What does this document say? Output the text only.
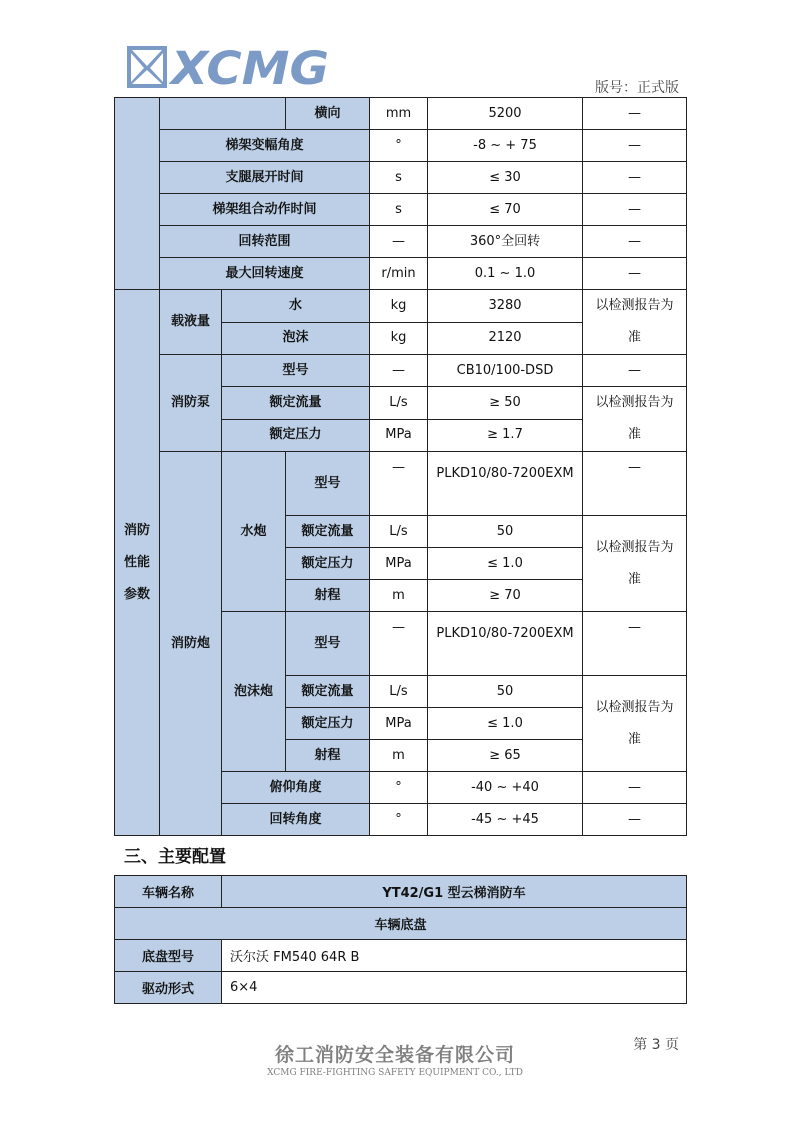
XCMG	版号：正式版
			横向	mm	5200	—
	梯架变幅角度			°	-8 ~ + 75	—
	支腿展开时间			s	≤ 30	—
	梯架组合动作时间			s	≤ 70	—
	回转范围			—	360°全回转	—
	最大回转速度			r/min	0.1 ~ 1.0	—

消防性能参数	载液量	水		kg	3280	以检测报告为准

		泡沫		kg	2120	
	消防泵	型号		—	CB10/100-DSD	—
		额定流量		L/s	≥ 50	以检测报告为准

		额定压力		MPa	≥ 1.7	
	消防炮	水炮	型号	—	PLKD10/80-7200EXM	—
			额定流量	L/s	50	以检测报告为准

			额定压力	MPa	≤ 1.0	
			射程	m	≥ 70	
		泡沫炮	型号	—	PLKD10/80-7200EXM	—
			额定流量	L/s	50	以检测报告为准

			额定压力	MPa	≤ 1.0	
			射程	m	≥ 65	
		俯仰角度		°	-40 ~ +40	—
		回转角度		°	-45 ~ +45	—
三、主要配置
车辆名称	YT42/G1 型云梯消防车
车辆底盘	
底盘型号	沃尔沃 FM540 64R B
驱动形式	6×4
第 3 页
徐工消防安全装备有限公司
XCMG FIRE-FIGHTING SAFETY EQUIPMENT CO., LTD
